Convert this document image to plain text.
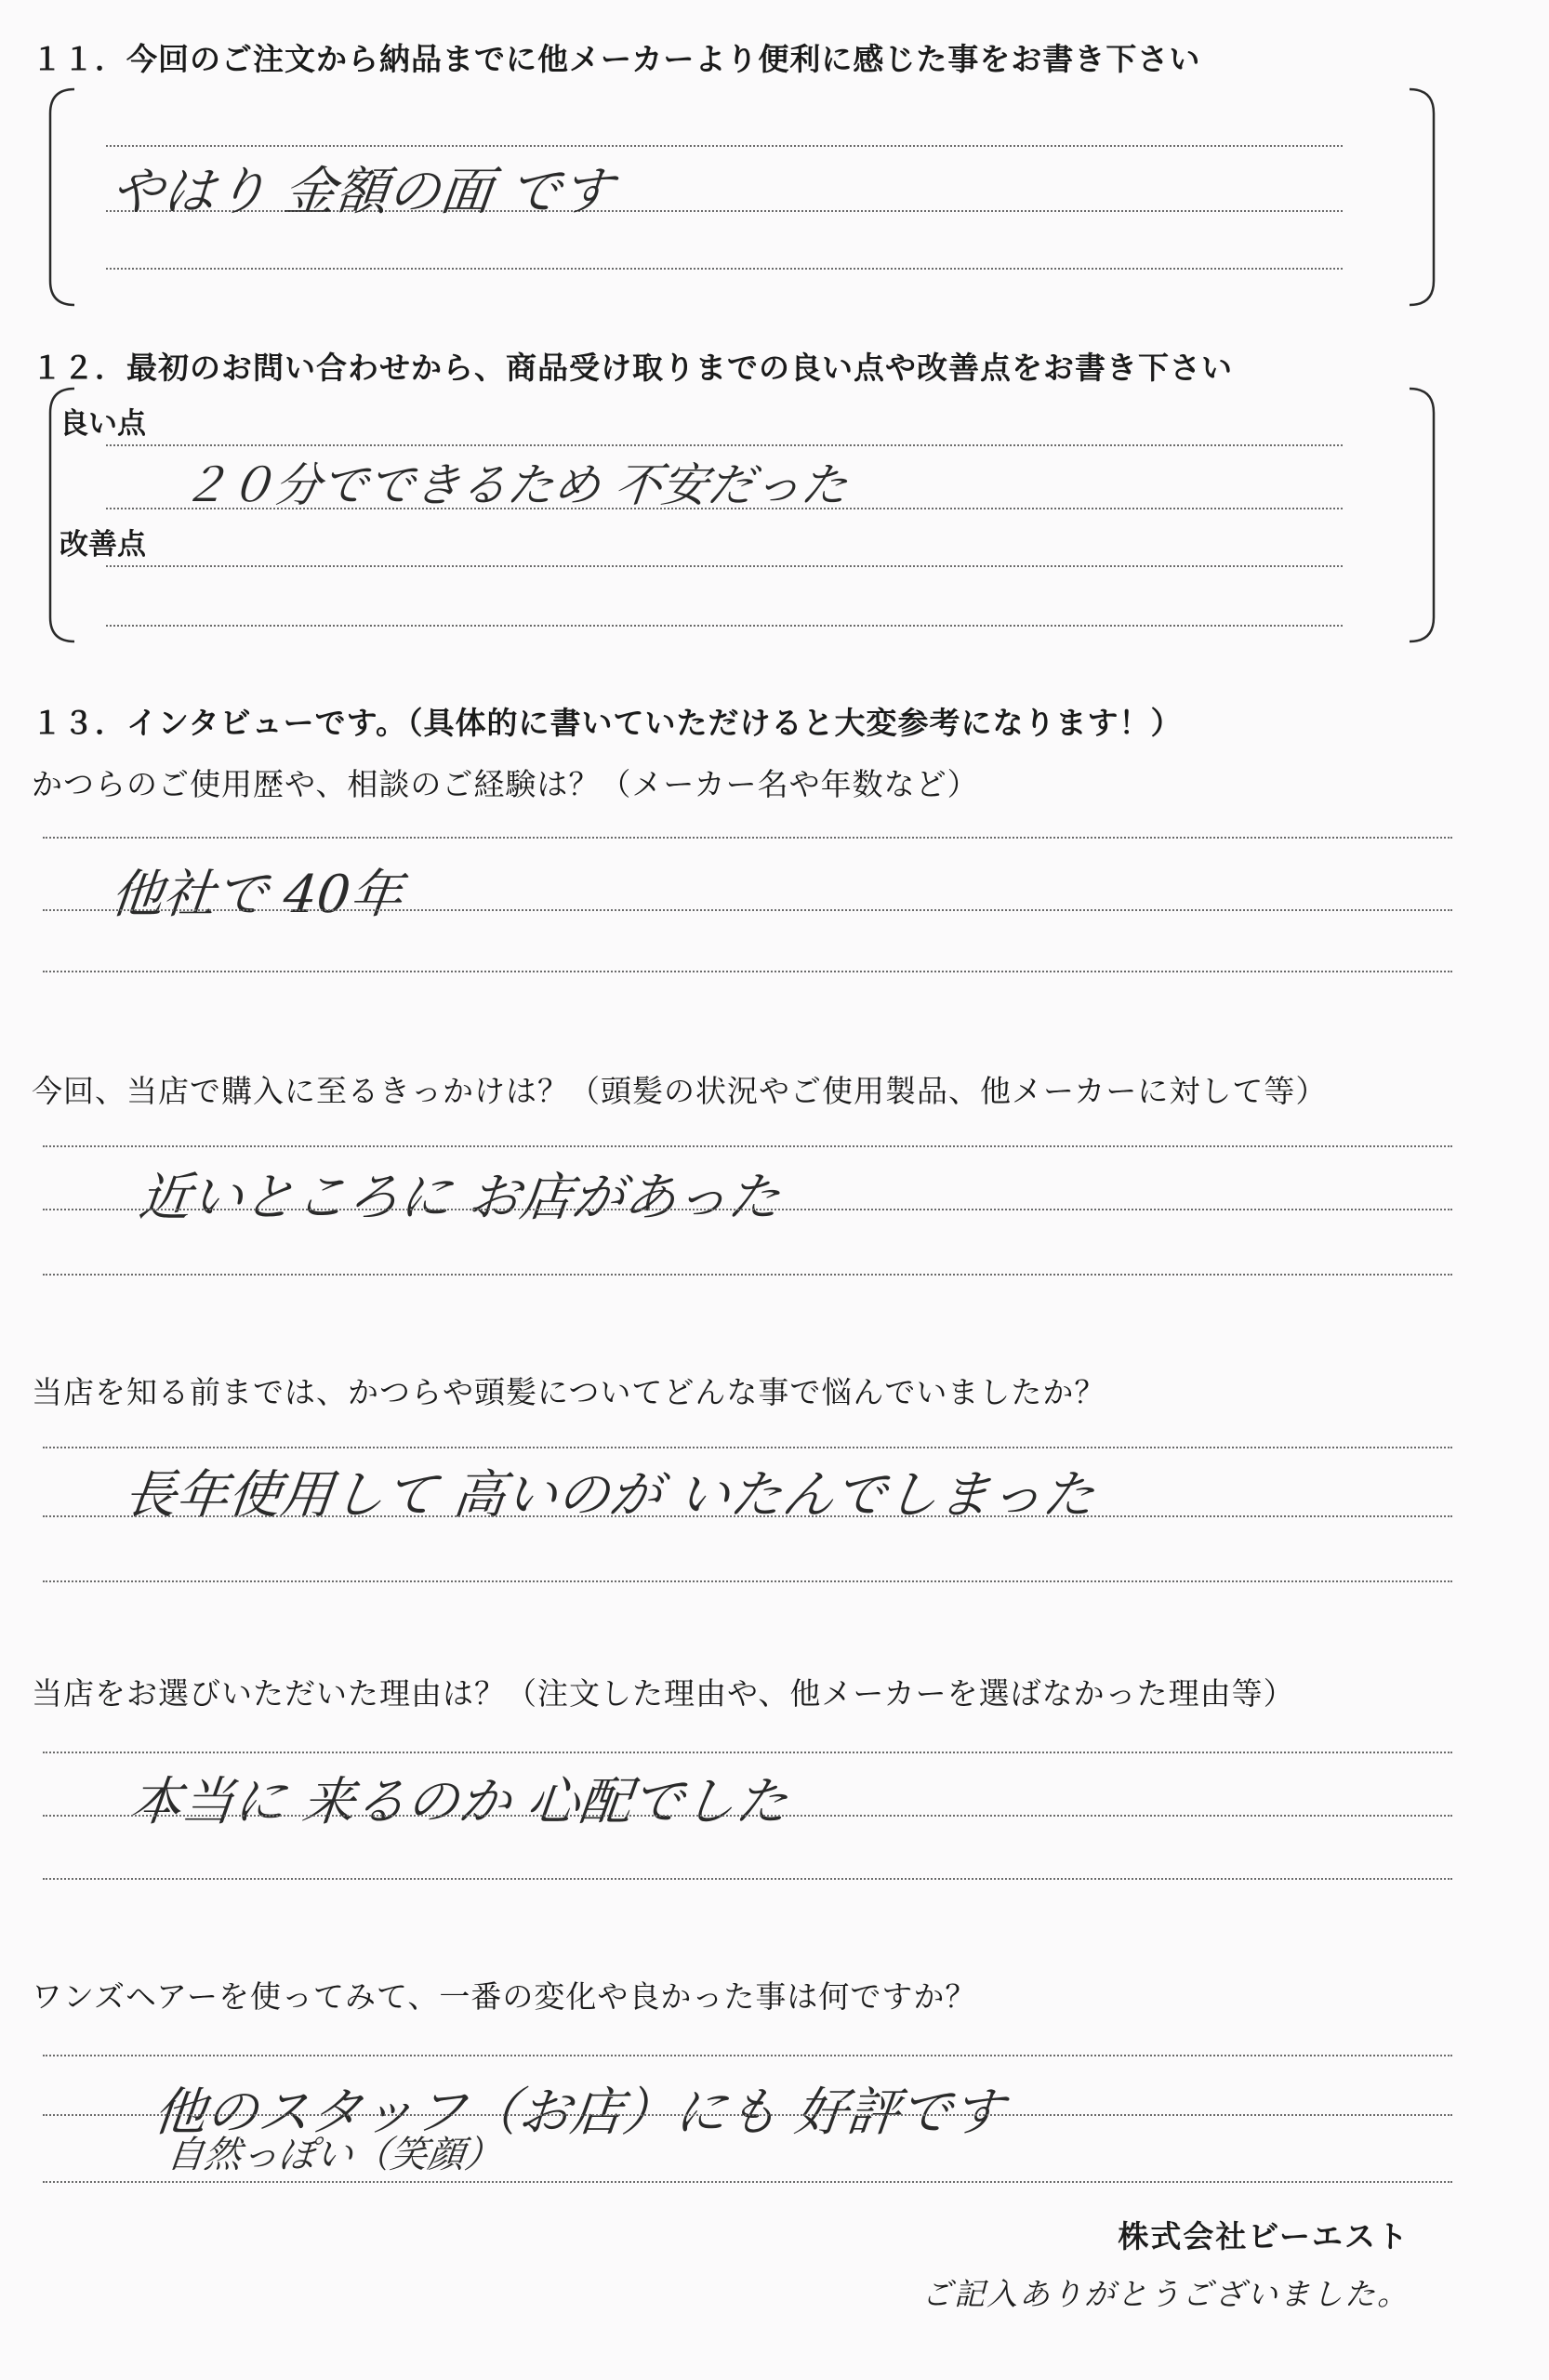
１１．今回のご注文から納品までに他メーカーより便利に感じた事をお書き下さい
やはり 金額の面 です
１２．最初のお問い合わせから、商品受け取りまでの良い点や改善点をお書き下さい
良い点
２０分でできるため 不安だった
改善点
１３．インタビューです。（具体的に書いていただけると大変参考になります！）
かつらのご使用歴や、相談のご経験は？（メーカー名や年数など）
他社で 40年
今回、当店で購入に至るきっかけは？（頭髪の状況やご使用製品、他メーカーに対して等）
近いところに お店があった
当店を知る前までは、かつらや頭髪についてどんな事で悩んでいましたか？
長年使用して 高いのが いたんでしまった
当店をお選びいただいた理由は？（注文した理由や、他メーカーを選ばなかった理由等）
本当に 来るのか 心配でした
ワンズヘアーを使ってみて、一番の変化や良かった事は何ですか？
他のスタッフ（お店）にも 好評です
自然っぽい（笑顔）
株式会社ビーエスト
ご記入ありがとうございました。
